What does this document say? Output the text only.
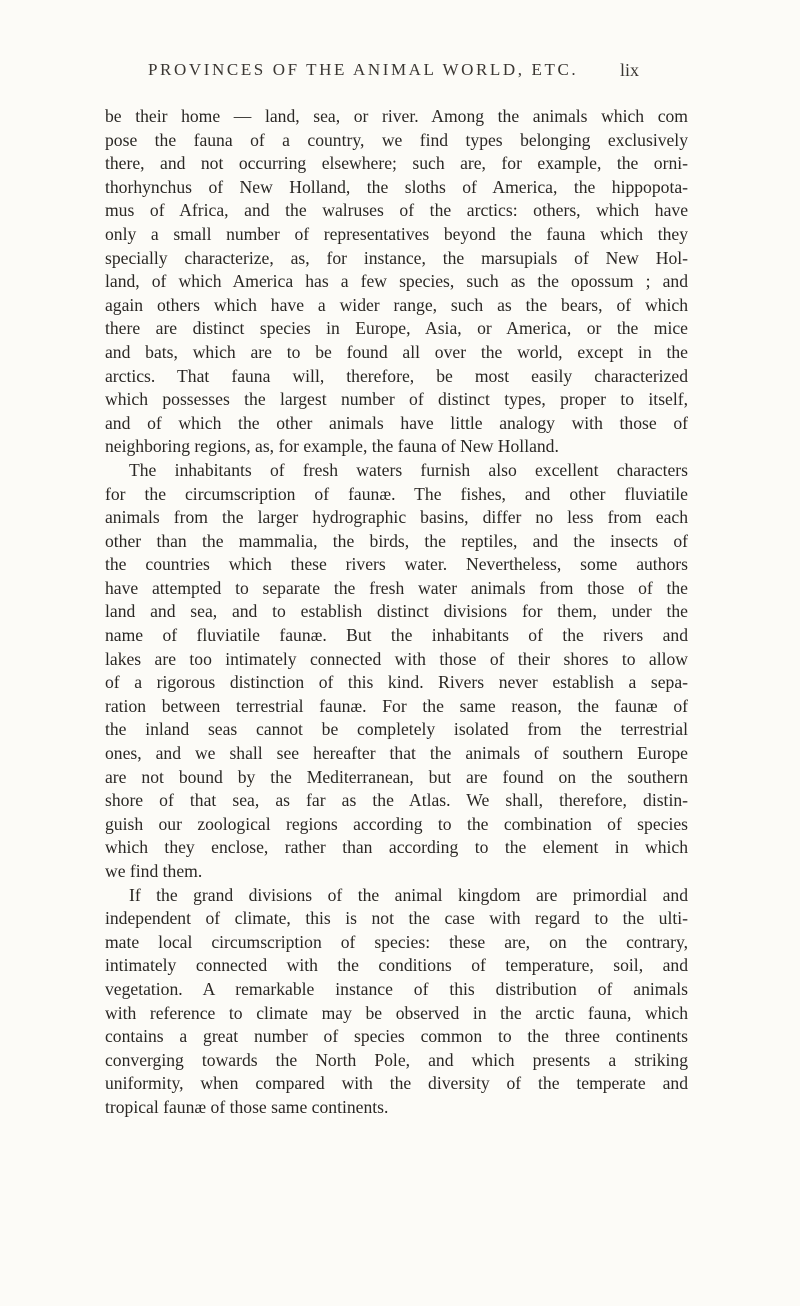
PROVINCES OF THE ANIMAL WORLD, ETC. lix
be their home — land, sea, or river. Among the animals which com
pose the fauna of a country, we find types belonging exclusively
there, and not occurring elsewhere; such are, for example, the orni-
thorhynchus of New Holland, the sloths of America, the hippopota-
mus of Africa, and the walruses of the arctics: others, which have
only a small number of representatives beyond the fauna which they
specially characterize, as, for instance, the marsupials of New Hol-
land, of which America has a few species, such as the opossum ; and
again others which have a wider range, such as the bears, of which
there are distinct species in Europe, Asia, or America, or the mice
and bats, which are to be found all over the world, except in the
arctics. That fauna will, therefore, be most easily characterized
which possesses the largest number of distinct types, proper to itself,
and of which the other animals have little analogy with those of
neighboring regions, as, for example, the fauna of New Holland.
The inhabitants of fresh waters furnish also excellent characters
for the circumscription of faunæ. The fishes, and other fluviatile
animals from the larger hydrographic basins, differ no less from each
other than the mammalia, the birds, the reptiles, and the insects of
the countries which these rivers water. Nevertheless, some authors
have attempted to separate the fresh water animals from those of the
land and sea, and to establish distinct divisions for them, under the
name of fluviatile faunæ. But the inhabitants of the rivers and
lakes are too intimately connected with those of their shores to allow
of a rigorous distinction of this kind. Rivers never establish a sepa-
ration between terrestrial faunæ. For the same reason, the faunæ of
the inland seas cannot be completely isolated from the terrestrial
ones, and we shall see hereafter that the animals of southern Europe
are not bound by the Mediterranean, but are found on the southern
shore of that sea, as far as the Atlas. We shall, therefore, distin-
guish our zoological regions according to the combination of species
which they enclose, rather than according to the element in which
we find them.
If the grand divisions of the animal kingdom are primordial and
independent of climate, this is not the case with regard to the ulti-
mate local circumscription of species: these are, on the contrary,
intimately connected with the conditions of temperature, soil, and
vegetation. A remarkable instance of this distribution of animals
with reference to climate may be observed in the arctic fauna, which
contains a great number of species common to the three continents
converging towards the North Pole, and which presents a striking
uniformity, when compared with the diversity of the temperate and
tropical faunæ of those same continents.
